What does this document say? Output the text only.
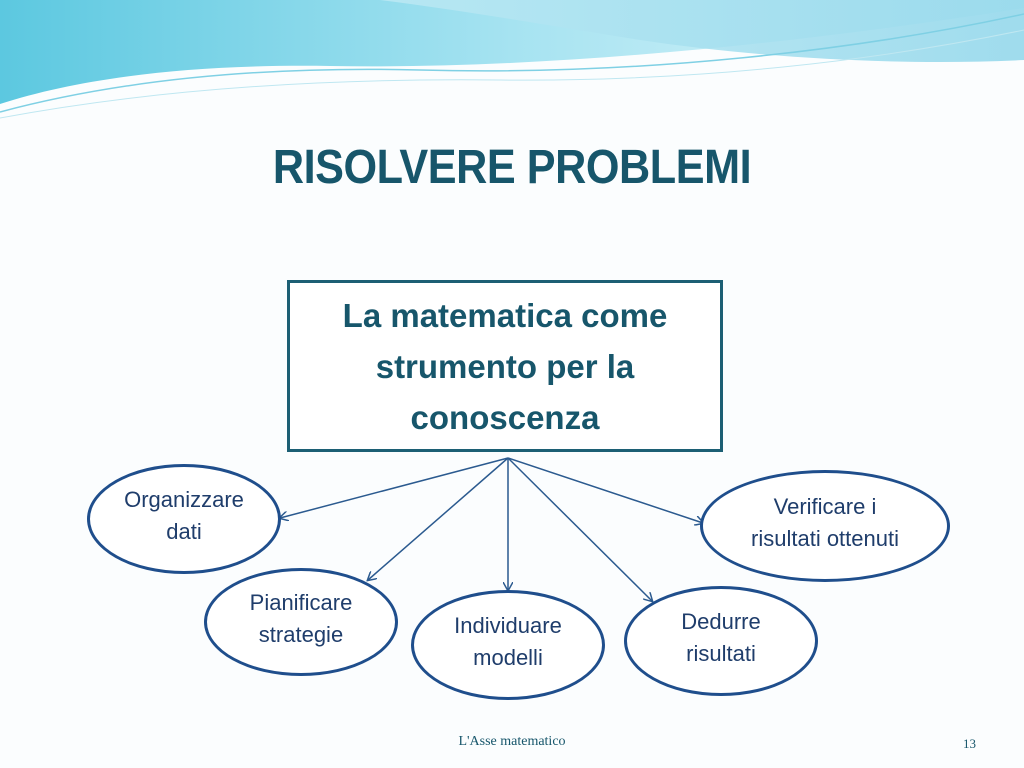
RISOLVERE PROBLEMI
La matematica come
strumento per la
conoscenza
Organizzare
dati
Pianificare
strategie	Individuare
modelli
Dedurre
risultati
Verificare i
risultati ottenuti
L'Asse matematico	13
